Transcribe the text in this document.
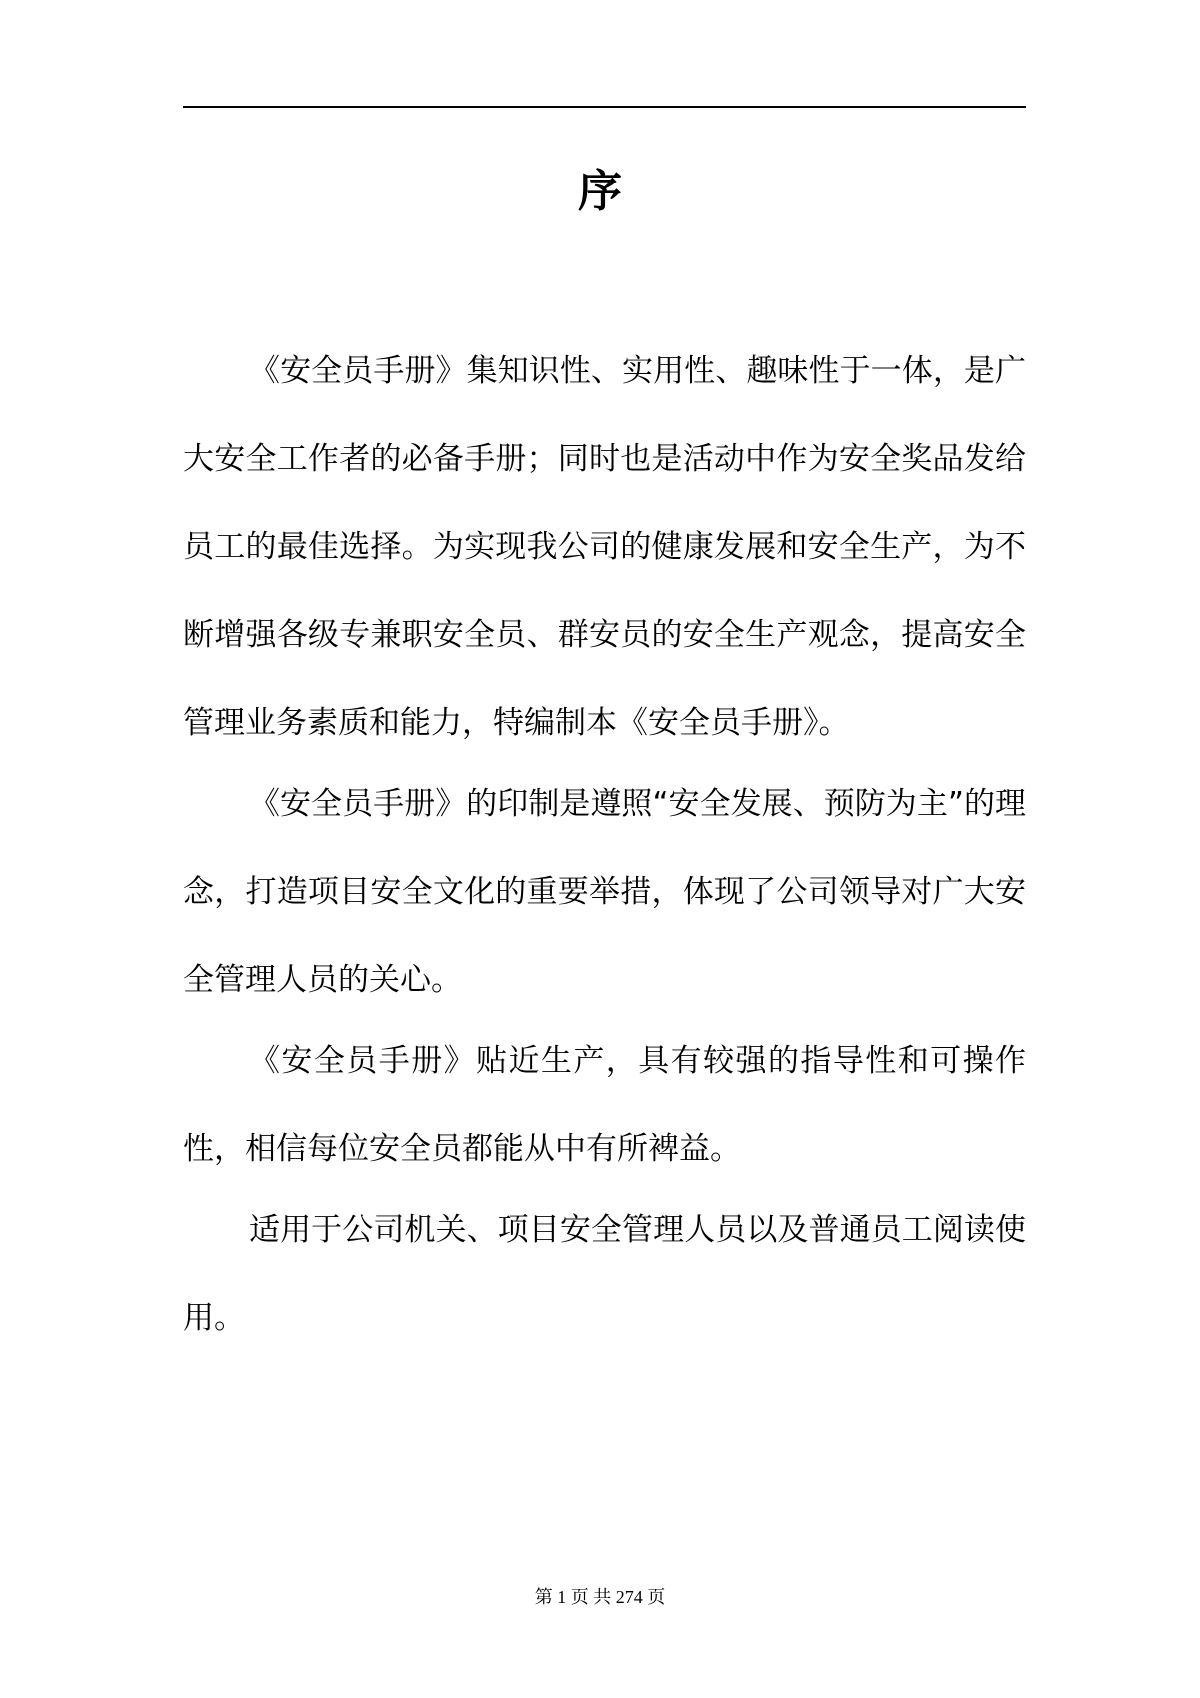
序

《安全员手册》集知识性、实用性、趣味性于一体，是广大安全工作者的必备手册；同时也是活动中作为安全奖品发给员工的最佳选择。为实现我公司的健康发展和安全生产，为不断增强各级专兼职安全员、群安员的安全生产观念，提高安全管理业务素质和能力，特编制本《安全员手册》。

《安全员手册》的印制是遵照“安全发展、预防为主”的理念，打造项目安全文化的重要举措，体现了公司领导对广大安全管理人员的关心。

《安全员手册》贴近生产，具有较强的指导性和可操作性，相信每位安全员都能从中有所裨益。

适用于公司机关、项目安全管理人员以及普通员工阅读使用。

第 1 页 共 274 页
